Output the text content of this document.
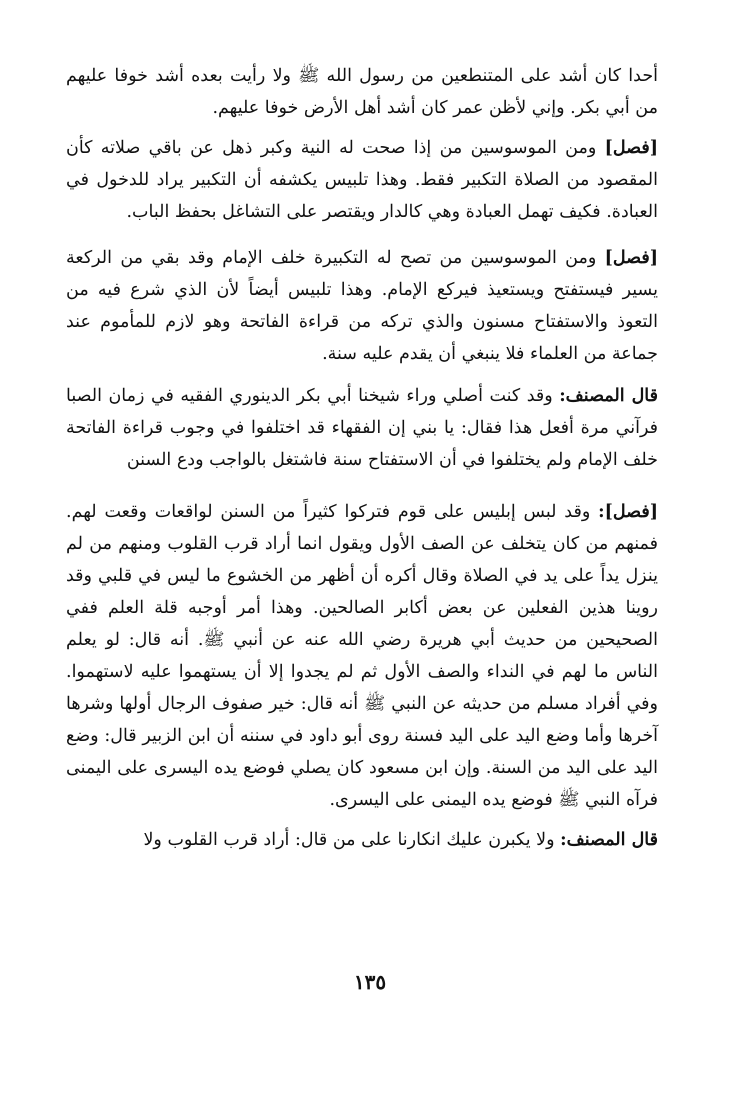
أحدا كان أشد على المتنطعين من رسول الله ﷺ ولا رأيت بعده أشد خوفا عليهم من أبي بكر. وإني لأظن عمر كان أشد أهل الأرض خوفا عليهم.

[فصل] ومن الموسوسين من إذا صحت له النية وكبر ذهل عن باقي صلاته كأن المقصود من الصلاة التكبير فقط. وهذا تلبيس يكشفه أن التكبير يراد للدخول في العبادة. فكيف تهمل العبادة وهي كالدار ويقتصر على التشاغل بحفظ الباب.

[فصل] ومن الموسوسين من تصح له التكبيرة خلف الإمام وقد بقي من الركعة يسير فيستفتح ويستعيذ فيركع الإمام. وهذا تلبيس أيضاً لأن الذي شرع فيه من التعوذ والاستفتاح مسنون والذي تركه من قراءة الفاتحة وهو لازم للمأموم عند جماعة من العلماء فلا ينبغي أن يقدم عليه سنة.

قال المصنف: وقد كنت أصلي وراء شيخنا أبي بكر الدينوري الفقيه في زمان الصبا فرآني مرة أفعل هذا فقال: يا بني إن الفقهاء قد اختلفوا في وجوب قراءة الفاتحة خلف الإمام ولم يختلفوا في أن الاستفتاح سنة فاشتغل بالواجب ودع السنن

[فصل]: وقد لبس إبليس على قوم فتركوا كثيراً من السنن لواقعات وقعت لهم. فمنهم من كان يتخلف عن الصف الأول ويقول انما أراد قرب القلوب ومنهم من لم ينزل يداً على يد في الصلاة وقال أكره أن أظهر من الخشوع ما ليس في قلبي وقد روينا هذين الفعلين عن بعض أكابر الصالحين. وهذا أمر أوجبه قلة العلم ففي الصحيحين من حديث أبي هريرة رضي الله عنه عن أنبي ﷺ. أنه قال: لو يعلم الناس ما لهم في النداء والصف الأول ثم لم يجدوا إلا أن يستهموا عليه لاستهموا. وفي أفراد مسلم من حديثه عن النبي ﷺ أنه قال: خير صفوف الرجال أولها وشرها آخرها وأما وضع اليد على اليد فسنة روى أبو داود في سننه أن ابن الزبير قال: وضع اليد على اليد من السنة. وإن ابن مسعود كان يصلي فوضع يده اليسرى على اليمنى فرآه النبي ﷺ فوضع يده اليمنى على اليسرى.

قال المصنف: ولا يكبرن عليك انكارنا على من قال: أراد قرب القلوب ولا

١٣٥
